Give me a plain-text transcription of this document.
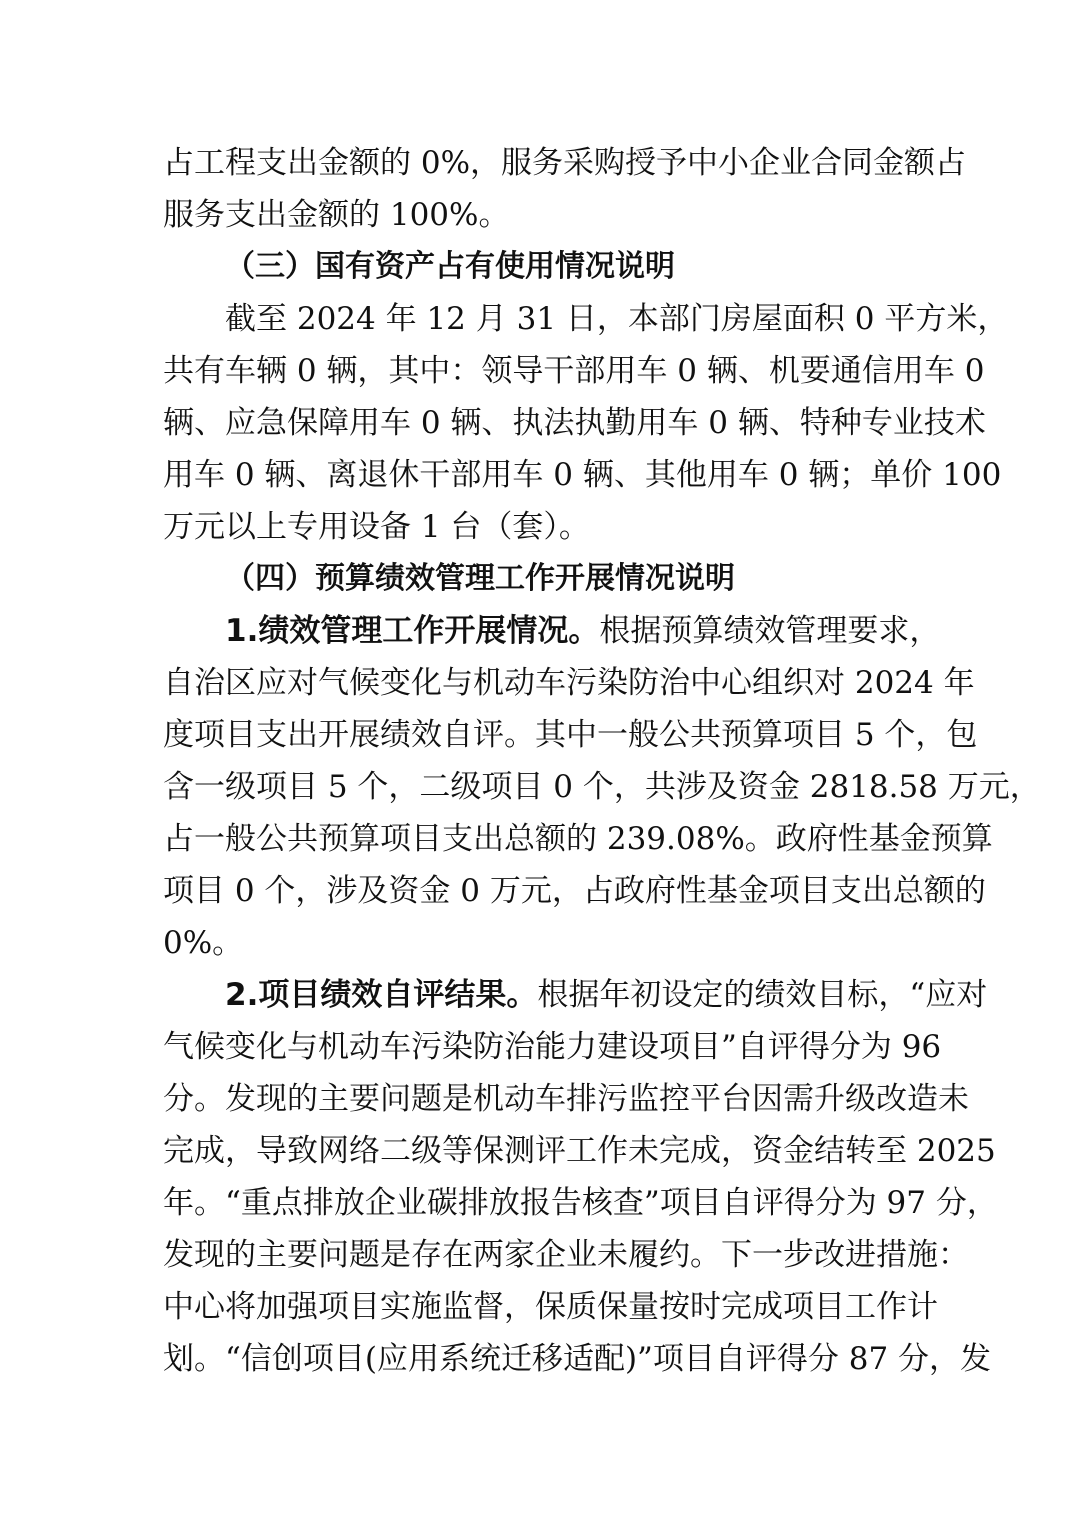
占工程支出金额的 0%，服务采购授予中小企业合同金额占
服务支出金额的 100%。
（三）国有资产占有使用情况说明
截至 2024 年 12 月 31 日，本部门房屋面积 0 平方米，
共有车辆 0 辆，其中：领导干部用车 0 辆、机要通信用车 0
辆、应急保障用车 0 辆、执法执勤用车 0 辆、特种专业技术
用车 0 辆、离退休干部用车 0 辆、其他用车 0 辆；单价 100
万元以上专用设备 1 台（套）。
（四）预算绩效管理工作开展情况说明
1.绩效管理工作开展情况。 根据预算绩效管理要求，
自治区应对气候变化与机动车污染防治中心组织对 2024 年
度项目支出开展绩效自评。其中一般公共预算项目 5 个，包
含一级项目 5 个，二级项目 0 个，共涉及资金 2818.58 万元，
占一般公共预算项目支出总额的 239.08%。政府性基金预算
项目 0 个，涉及资金 0 万元，占政府性基金项目支出总额的
0%。
2.项目绩效自评结果。 根据年初设定的绩效目标，“应对
气候变化与机动车污染防治能力建设项目”自评得分为 96
分。发现的主要问题是机动车排污监控平台因需升级改造未
完成，导致网络二级等保测评工作未完成，资金结转至 2025
年。“重点排放企业碳排放报告核查”项目自评得分为 97 分，
发现的主要问题是存在两家企业未履约。下一步改进措施：
中心将加强项目实施监督，保质保量按时完成项目工作计
划。“信创项目(应用系统迁移适配)”项目自评得分 87 分，发
